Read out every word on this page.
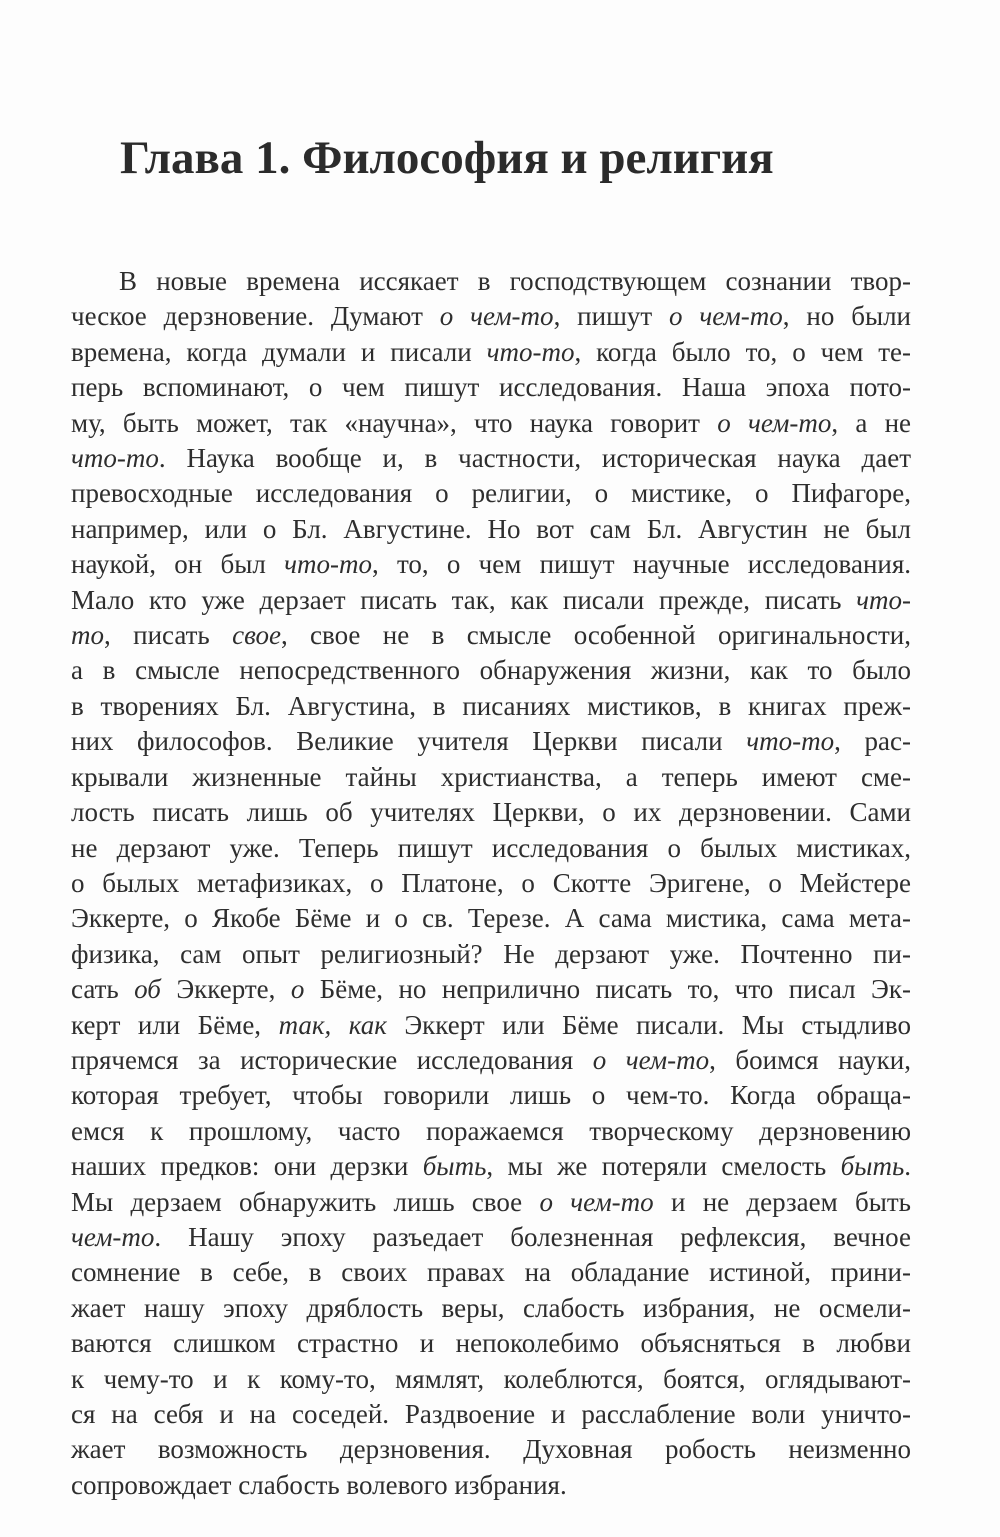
Глава 1. Философия и религия
В новые времена иссякает в господствующем сознании твор-
ческое дерзновение. Думают о чем-то, пишут о чем-то, но были
времена, когда думали и писали что-то, когда было то, о чем те-
перь вспоминают, о чем пишут исследования. Наша эпоха пото-
му, быть может, так «научна», что наука говорит о чем-то, а не
что-то. Наука вообще и, в частности, историческая наука дает
превосходные исследования о религии, о мистике, о Пифагоре,
например, или о Бл. Августине. Но вот сам Бл. Августин не был
наукой, он был что-то, то, о чем пишут научные исследования.
Мало кто уже дерзает писать так, как писали прежде, писать что-
то, писать свое, свое не в смысле особенной оригинальности,
а в смысле непосредственного обнаружения жизни, как то было
в творениях Бл. Августина, в писаниях мистиков, в книгах преж-
них философов. Великие учителя Церкви писали что-то, рас-
крывали жизненные тайны христианства, а теперь имеют сме-
лость писать лишь об учителях Церкви, о их дерзновении. Сами
не дерзают уже. Теперь пишут исследования о былых мистиках,
о былых метафизиках, о Платоне, о Скотте Эригене, о Мейстере
Эккерте, о Якобе Бёме и о св. Терезе. А сама мистика, сама мета-
физика, сам опыт религиозный? Не дерзают уже. Почтенно пи-
сать об Эккерте, о Бёме, но неприлично писать то, что писал Эк-
керт или Бёме, так, как Эккерт или Бёме писали. Мы стыдливо
прячемся за исторические исследования о чем-то, боимся науки,
которая требует, чтобы говорили лишь о чем-то. Когда обраща-
емся к прошлому, часто поражаемся творческому дерзновению
наших предков: они дерзки быть, мы же потеряли смелость быть.
Мы дерзаем обнаружить лишь свое о чем-то и не дерзаем быть
чем-то. Нашу эпоху разъедает болезненная рефлексия, вечное
сомнение в себе, в своих правах на обладание истиной, прини-
жает нашу эпоху дряблость веры, слабость избрания, не осмели-
ваются слишком страстно и непоколебимо объясняться в любви
к чему-то и к кому-то, мямлят, колеблются, боятся, оглядывают-
ся на себя и на соседей. Раздвоение и расслабление воли уничто-
жает возможность дерзновения. Духовная робость неизменно
сопровождает слабость волевого избрания.
